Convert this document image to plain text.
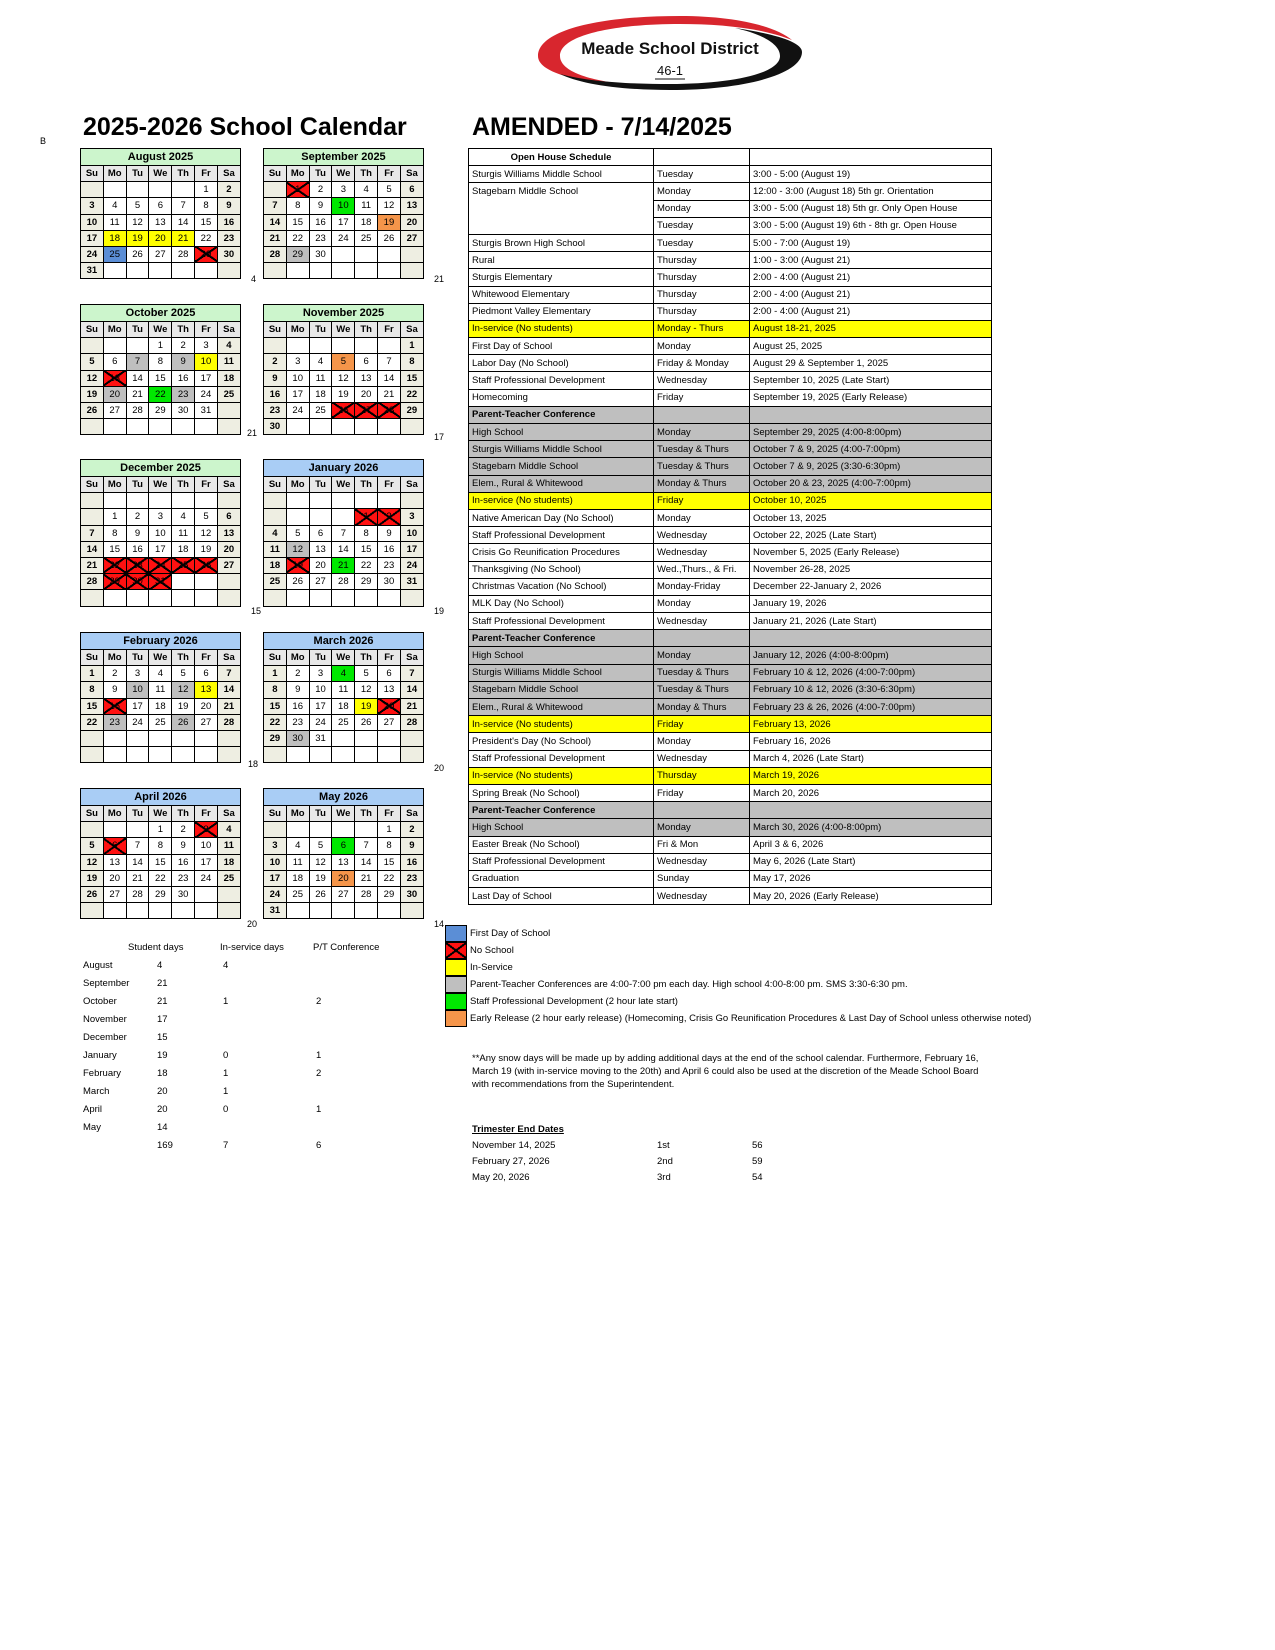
Meade School District
46-1
B 2025-2026 School Calendar	AMENDED - 7/14/2025
August 2025						
Su	Mo	Tu	We	Th	Fr	Sa
					1	2
3	4	5	6	7	8	9
10	11	12	13	14	15	16
17	18	19	20	21	22	23
24	25	26	27	28	29	30
31						
4
September 2025						
Su	Mo	Tu	We	Th	Fr	Sa
	1	2	3	4	5	6
7	8	9	10	11	12	13
14	15	16	17	18	19	20
21	22	23	24	25	26	27
28	29	30				

21
October 2025						
Su	Mo	Tu	We	Th	Fr	Sa
			1	2	3	4
5	6	7	8	9	10	11
12	13	14	15	16	17	18
19	20	21	22	23	24	25
26	27	28	29	30	31	

21
November 2025						
Su	Mo	Tu	We	Th	Fr	Sa
						1
2	3	4	5	6	7	8
9	10	11	12	13	14	15
16	17	18	19	20	21	22
23	24	25	26	27	28	29
30						
17
December 2025						
Su	Mo	Tu	We	Th	Fr	Sa

	1	2	3	4	5	6
7	8	9	10	11	12	13
14	15	16	17	18	19	20
21	22	23	24	25	26	27
28	29	30	31			

15
January 2026						
Su	Mo	Tu	We	Th	Fr	Sa

				1	2	3
4	5	6	7	8	9	10
11	12	13	14	15	16	17
18	19	20	21	22	23	24
25	26	27	28	29	30	31

19
February 2026						
Su	Mo	Tu	We	Th	Fr	Sa
1	2	3	4	5	6	7
8	9	10	11	12	13	14
15	16	17	18	19	20	21
22	23	24	25	26	27	28

18
March 2026						
Su	Mo	Tu	We	Th	Fr	Sa
1	2	3	4	5	6	7
8	9	10	11	12	13	14
15	16	17	18	19	20	21
22	23	24	25	26	27	28
29	30	31				

20
April 2026						
Su	Mo	Tu	We	Th	Fr	Sa
			1	2	3	4
5	6	7	8	9	10	11
12	13	14	15	16	17	18
19	20	21	22	23	24	25
26	27	28	29	30		

20
May 2026						
Su	Mo	Tu	We	Th	Fr	Sa
					1	2
3	4	5	6	7	8	9
10	11	12	13	14	15	16
17	18	19	20	21	22	23
24	25	26	27	28	29	30
31						
14
Open House Schedule		
Sturgis Williams Middle School	Tuesday	3:00 - 5:00 (August 19)
Stagebarn Middle School	Monday	12:00 - 3:00 (August 18) 5th gr. Orientation
	Monday	3:00 - 5:00 (August 18) 5th gr. Only Open House
	Tuesday	3:00 - 5:00 (August 19) 6th - 8th gr. Open House
Sturgis Brown High School	Tuesday	5:00 - 7:00 (August 19)
Rural	Thursday	1:00 - 3:00 (August 21)
Sturgis Elementary	Thursday	2:00 - 4:00 (August 21)
Whitewood Elementary	Thursday	2:00 - 4:00 (August 21)
Piedmont Valley Elementary	Thursday	2:00 - 4:00 (August 21)
In-service (No students)	Monday - Thurs	August 18-21, 2025
First Day of School	Monday	August 25, 2025
Labor Day (No School)	Friday & Monday	August 29 & September 1, 2025
Staff Professional Development	Wednesday	September 10, 2025 (Late Start)
Homecoming	Friday	September 19, 2025 (Early Release)
Parent-Teacher Conference		
High School	Monday	September 29, 2025 (4:00-8:00pm)
Sturgis Williams Middle School	Tuesday & Thurs	October 7 & 9, 2025 (4:00-7:00pm)
Stagebarn Middle School	Tuesday & Thurs	October 7 & 9, 2025 (3:30-6:30pm)
Elem., Rural & Whitewood	Monday & Thurs	October 20 & 23, 2025 (4:00-7:00pm)
In-service (No students)	Friday	October 10, 2025
Native American Day (No School)	Monday	October 13, 2025
Staff Professional Development	Wednesday	October 22, 2025 (Late Start)
Crisis Go Reunification Procedures	Wednesday	November 5, 2025 (Early Release)
Thanksgiving (No School)	Wed.,Thurs., & Fri.	November 26-28, 2025
Christmas Vacation (No School)	Monday-Friday	December 22-January 2, 2026
MLK Day (No School)	Monday	January 19, 2026
Staff Professional Development	Wednesday	January 21, 2026 (Late Start)
Parent-Teacher Conference		
High School	Monday	January 12, 2026 (4:00-8:00pm)
Sturgis Williams Middle School	Tuesday & Thurs	February 10 & 12, 2026 (4:00-7:00pm)
Stagebarn Middle School	Tuesday & Thurs	February 10 & 12, 2026 (3:30-6:30pm)
Elem., Rural & Whitewood	Monday & Thurs	February 23 & 26, 2026 (4:00-7:00pm)
In-service (No students)	Friday	February 13, 2026
President's Day (No School)	Monday	February 16, 2026
Staff Professional Development	Wednesday	March 4, 2026 (Late Start)
In-service (No students)	Thursday	March 19, 2026
Spring Break (No School)	Friday	March 20, 2026
Parent-Teacher Conference		
High School	Monday	March 30, 2026 (4:00-8:00pm)
Easter Break (No School)	Fri & Mon	April 3 & 6, 2026
Staff Professional Development	Wednesday	May 6, 2026 (Late Start)
Graduation	Sunday	May 17, 2026
Last Day of School	Wednesday	May 20, 2026 (Early Release)
First Day of School
No School
In-Service
Parent-Teacher Conferences are 4:00-7:00 pm each day. High school 4:00-8:00 pm. SMS 3:30-6:30 pm.
Staff Professional Development (2 hour late start)
Early Release (2 hour early release) (Homecoming, Crisis Go Reunification Procedures & Last Day of School unless otherwise noted)
**Any snow days will be made up by adding additional days at the end of the school calendar. Furthermore, February 16, March 19 (with in-service moving to the 20th) and April 6 could also be used at the discretion of the Meade School Board with recommendations from the Superintendent.
Student days	In-service days	P/T Conference
August	4	4
September	21
October	21	1	2
November	17
December	15
January	19	0	1
February	18	1	2
March	20	1
April	20	0	1
May	14
169	7	6
Trimester End Dates
November 14, 2025	1st	56
February 27, 2026	2nd	59
May 20, 2026	3rd	54
